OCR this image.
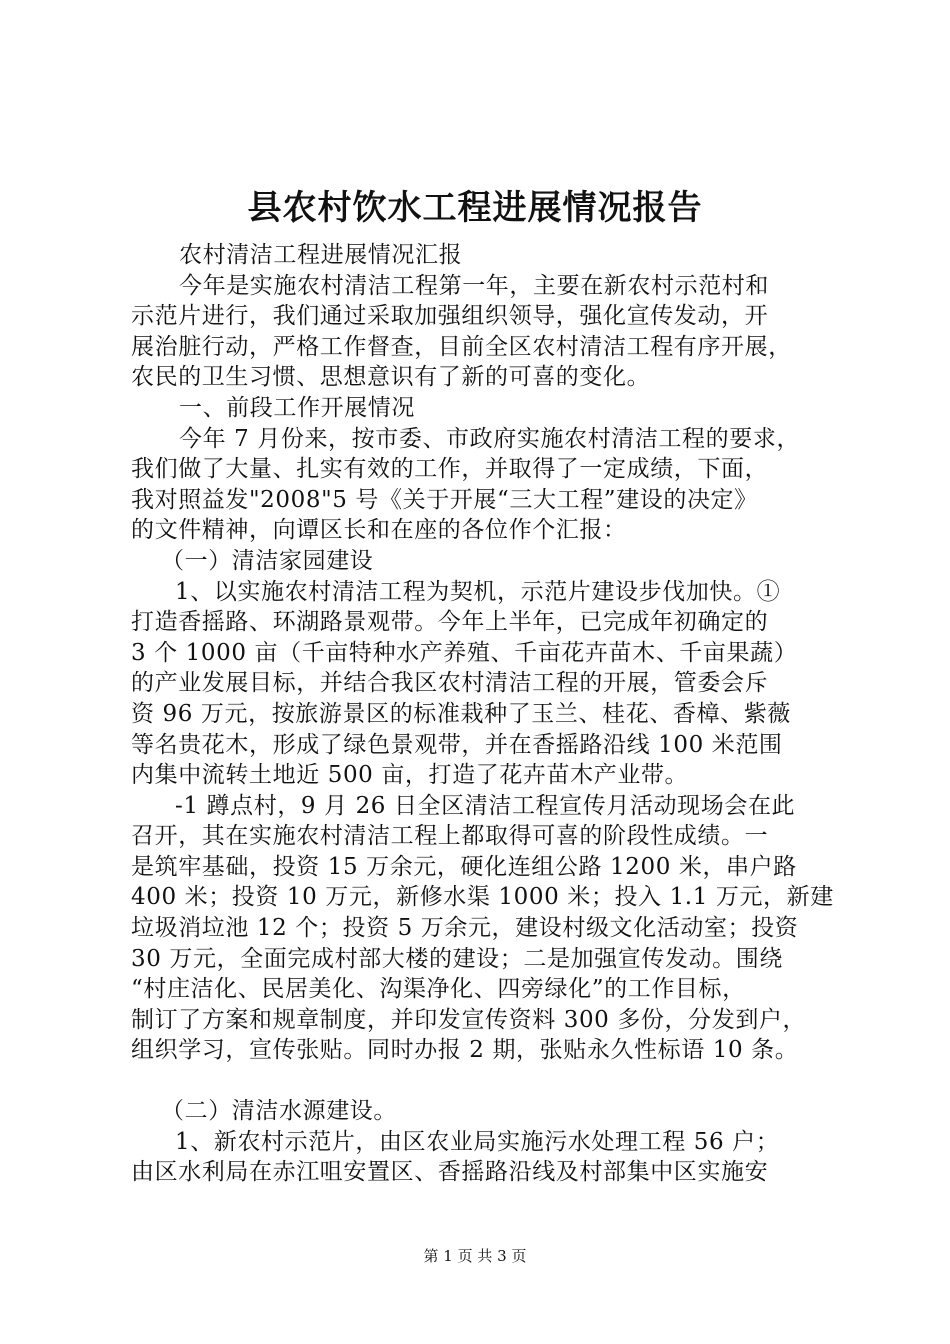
县农村饮水工程进展情况报告
农村清洁工程进展情况汇报
今年是实施农村清洁工程第一年，主要在新农村示范村和
示范片进行，我们通过采取加强组织领导，强化宣传发动，开
展治脏行动，严格工作督查，目前全区农村清洁工程有序开展，
农民的卫生习惯、思想意识有了新的可喜的变化。
一、前段工作开展情况
今年 7 月份来，按市委、市政府实施农村清洁工程的要求，
我们做了大量、扎实有效的工作，并取得了一定成绩，下面，
我对照益发"2008"5 号《关于开展“三大工程”建设的决定》
的文件精神，向谭区长和在座的各位作个汇报：
（一）清洁家园建设
1、以实施农村清洁工程为契机，示范片建设步伐加快。①
打造香摇路、环湖路景观带。今年上半年，已完成年初确定的
3 个 1000 亩（千亩特种水产养殖、千亩花卉苗木、千亩果蔬）
的产业发展目标，并结合我区农村清洁工程的开展，管委会斥
资 96 万元，按旅游景区的标准栽种了玉兰、桂花、香樟、紫薇
等名贵花木，形成了绿色景观带，并在香摇路沿线 100 米范围
内集中流转土地近 500 亩，打造了花卉苗木产业带。
-1 蹲点村，9 月 26 日全区清洁工程宣传月活动现场会在此
召开，其在实施农村清洁工程上都取得可喜的阶段性成绩。一
是筑牢基础，投资 15 万余元，硬化连组公路 1200 米，串户路
400 米；投资 10 万元，新修水渠 1000 米；投入 1.1 万元，新建
垃圾消垃池 12 个；投资 5 万余元，建设村级文化活动室；投资
30 万元，全面完成村部大楼的建设；二是加强宣传发动。围绕
“村庄洁化、民居美化、沟渠净化、四旁绿化”的工作目标，
制订了方案和规章制度，并印发宣传资料 300 多份，分发到户，
组织学习，宣传张贴。同时办报 2 期，张贴永久性标语 10 条。
（二）清洁水源建设。
1、新农村示范片，由区农业局实施污水处理工程 56 户；
由区水利局在赤江咀安置区、香摇路沿线及村部集中区实施安
第 1 页 共 3 页
